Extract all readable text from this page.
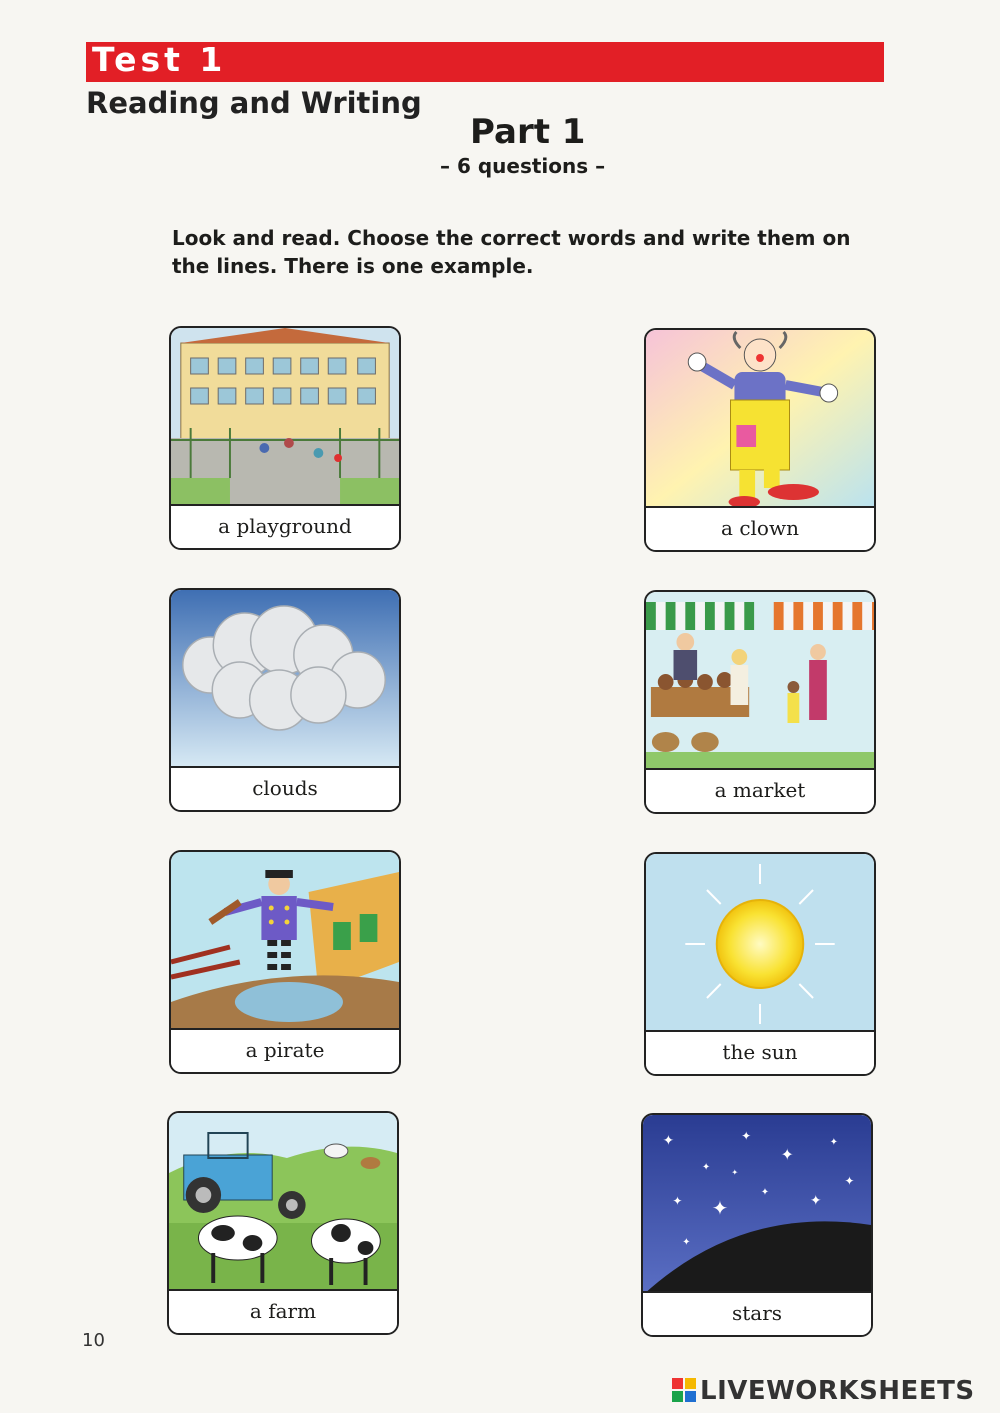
Test 1
Reading and Writing
Part 1
– 6 questions –
Look and read. Choose the correct words and write them on the lines. There is one example.
a playground	a clown
clouds	a market
a pirate	the sun
a farm
✦
✦
✦
✦
✦
✦ ✦
✦
✦
✦
✦
✦
stars
10
LIVEWORKSHEETS
